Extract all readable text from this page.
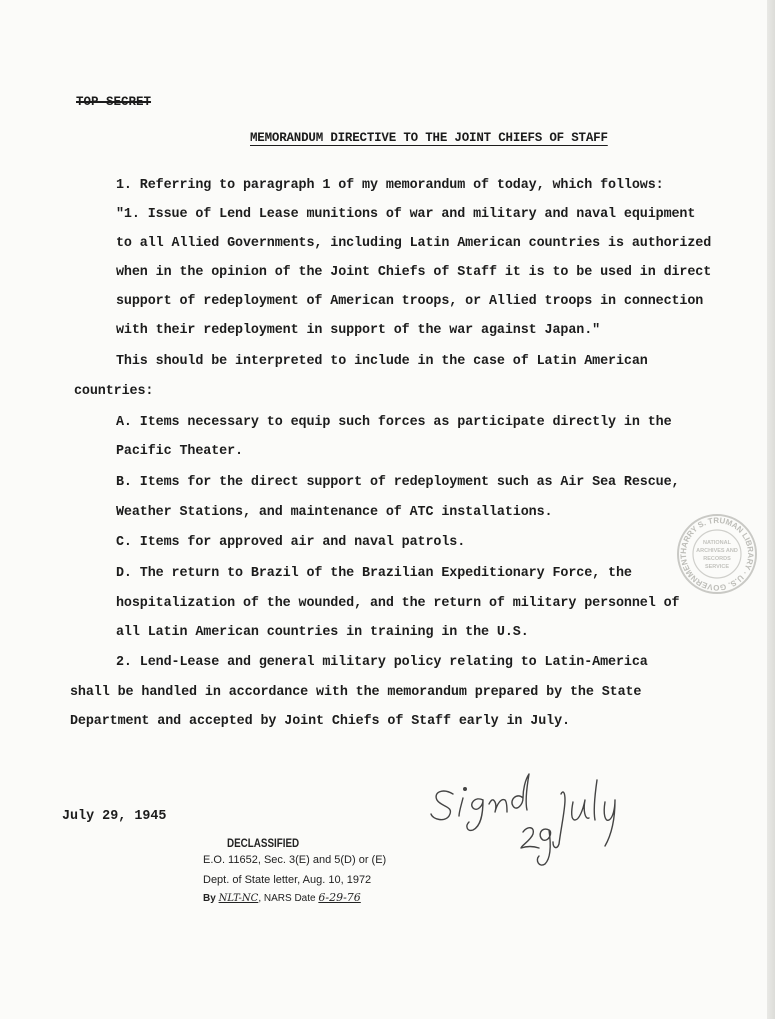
TOP SECRET
MEMORANDUM DIRECTIVE TO THE JOINT CHIEFS OF STAFF
1. Referring to paragraph 1 of my memorandum of today, which follows:
"1. Issue of Lend Lease munitions of war and military and naval equipment
to all Allied Governments, including Latin American countries is authorized
when in the opinion of the Joint Chiefs of Staff it is to be used in direct
support of redeployment of American troops, or Allied troops in connection
with their redeployment in support of the war against Japan."
This should be interpreted to include in the case of Latin American
countries:
A. Items necessary to equip such forces as participate directly in the
Pacific Theater.
B. Items for the direct support of redeployment such as Air Sea Rescue,
Weather Stations, and maintenance of ATC installations.
C. Items for approved air and naval patrols.
D. The return to Brazil of the Brazilian Expeditionary Force, the
hospitalization of the wounded, and the return of military personnel of
all Latin American countries in training in the U.S.
2. Lend-Lease and general military policy relating to Latin-America
shall be handled in accordance with the memorandum prepared by the State
Department and accepted by Joint Chiefs of Staff early in July.
July 29, 1945
DECLASSIFIED
E.O. 11652, Sec. 3(E) and 5(D) or (E)
Dept. of State letter, Aug. 10, 1972
By NLT-NC, NARS Date 6-29-76
HARRY S. TRUMAN LIBRARY · U.S. GOVERNMENT
NATIONAL
ARCHIVES AND
RECORDS
SERVICE
